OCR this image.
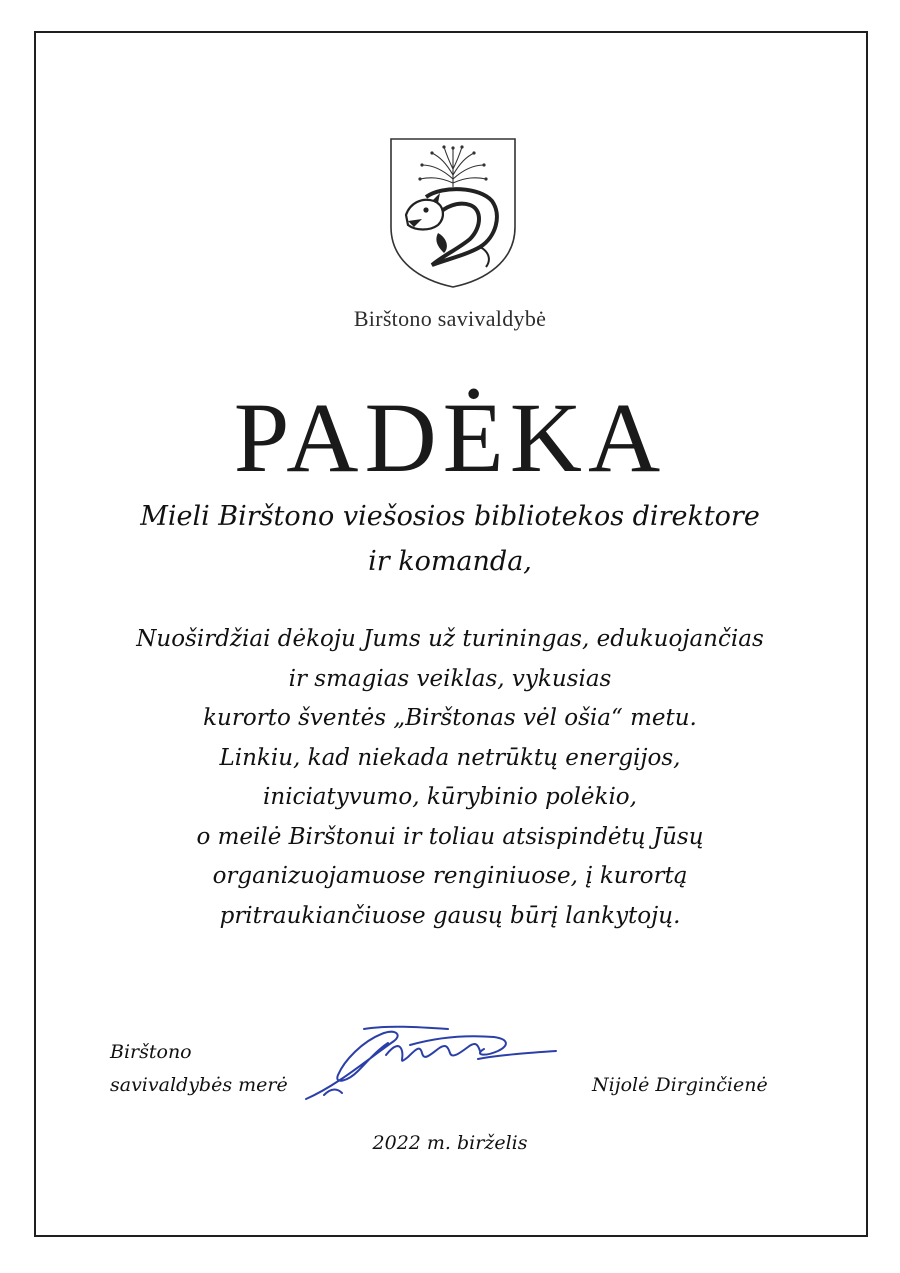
Birštono savivaldybė
PADĖKA
Mieli Birštono viešosios bibliotekos direktore
ir komanda,
Nuoširdžiai dėkoju Jums už turiningas, edukuojančias
ir smagias veiklas, vykusias
kurorto šventės „Birštonas vėl ošia“ metu.
Linkiu, kad niekada netrūktų energijos,
iniciatyvumo, kūrybinio polėkio,
o meilė Birštonui ir toliau atsispindėtų Jūsų
organizuojamuose renginiuose, į kurortą
pritraukiančiuose gausų būrį lankytojų.
Birštono
savivaldybės merė	Nijolė Dirginčienė
2022 m. birželis
